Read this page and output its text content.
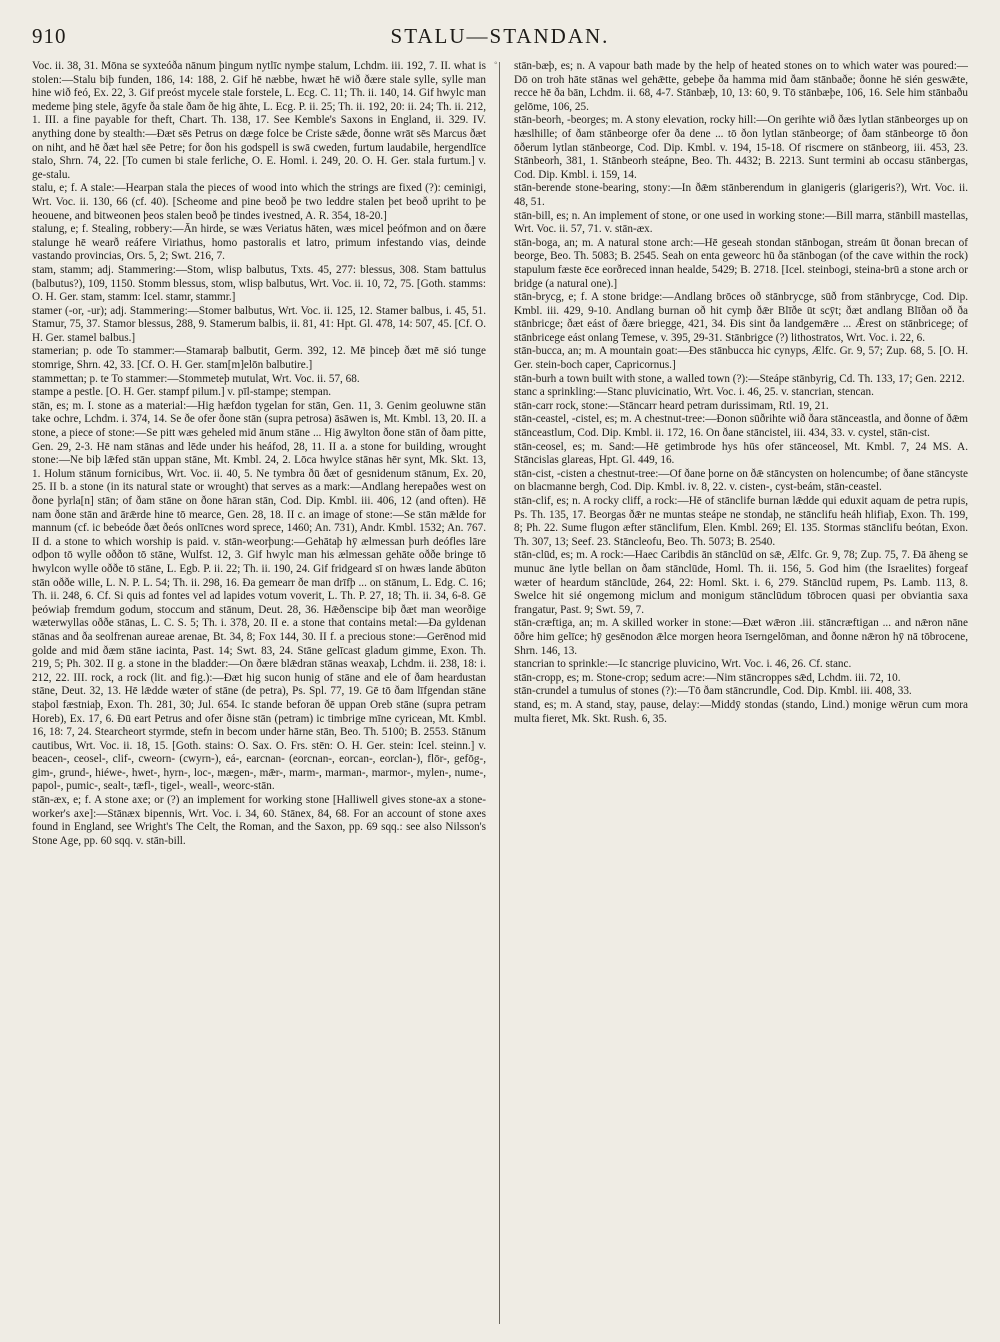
910	STALU—STANDAN.
◦

Voc. ii. 38, 31. Mōna se syxteóða nānum þingum nytlīc nymþe stalum, Lchdm. iii. 192, 7. II. what is stolen:—Stalu biþ funden, 186, 14: 188, 2. Gif hē næbbe, hwæt hē wið ðære stale sylle, sylle man hine wið feó, Ex. 22, 3. Gif preóst mycele stale forstele, L. Ecg. C. 11; Th. ii. 140, 14. Gif hwylc man medeme þing stele, āgyfe ða stale ðam ðe hig āhte, L. Ecg. P. ii. 25; Th. ii. 192, 20: ii. 24; Th. ii. 212, 1. III. a fine payable for theft, Chart. Th. 138, 17. See Kemble's Saxons in England, ii. 329. IV. anything done by stealth:—Ðæt sēs Petrus on dæge folce be Criste sǣde, ðonne wrāt sēs Marcus ðæt on niht, and hē ðæt hæl sēe Petre; for ðon his godspell is swā cweden, furtum laudabile, hergendlīce stalo, Shrn. 74, 22. [To cumen bi stale ferliche, O. E. Homl. i. 249, 20. O. H. Ger. stala furtum.] v. ge-stalu.

stalu, e; f. A stale:—Hearpan stala the pieces of wood into which the strings are fixed (?): ceminigi, Wrt. Voc. ii. 130, 66 (cf. 40). [Scheome and pine beoð þe two leddre stalen þet beoð upriht to þe heouene, and bitweonen þeos stalen beoð þe tindes ivestned, A. R. 354, 18-20.]

stalung, e; f. Stealing, robbery:—Ān hirde, se wæs Veriatus hāten, wæs micel þeófmon and on ðære stalunge hē wearð reáfere Viriathus, homo pastoralis et latro, primum infestando vias, deinde vastando provincias, Ors. 5, 2; Swt. 216, 7.

stam, stamm; adj. Stammering:—Stom, wlisp balbutus, Txts. 45, 277: blessus, 308. Stam battulus (balbutus?), 109, 1150. Stomm blessus, stom, wlisp balbutus, Wrt. Voc. ii. 10, 72, 75. [Goth. stamms: O. H. Ger. stam, stamm: Icel. stamr, stammr.]

stamer (-or, -ur); adj. Stammering:—Stomer balbutus, Wrt. Voc. ii. 125, 12. Stamer balbus, i. 45, 51. Stamur, 75, 37. Stamor blessus, 288, 9. Stamerum balbis, ii. 81, 41: Hpt. Gl. 478, 14: 507, 45. [Cf. O. H. Ger. stamel balbus.]

stamerian; p. ode To stammer:—Stamaraþ balbutit, Germ. 392, 12. Mē þinceþ ðæt mē sió tunge stomrige, Shrn. 42, 33. [Cf. O. H. Ger. stam[m]elōn balbutire.]

stammettan; p. te To stammer:—Stommeteþ mutulat, Wrt. Voc. ii. 57, 68.

stampe a pestle. [O. H. Ger. stampf pilum.] v. pīl-stampe; stempan.

stān, es; m. I. stone as a material:—Hig hæfdon tygelan for stān, Gen. 11, 3. Genim geoluwne stān take ochre, Lchdm. i. 374, 14. Se ðe ofer ðone stān (supra petrosa) āsāwen is, Mt. Kmbl. 13, 20. II. a stone, a piece of stone:—Se pitt wæs geheled mid ānum stāne ... Hig āwylton ðone stān of ðam pitte, Gen. 29, 2-3. Hē nam stānas and lēde under his heáfod, 28, 11. II a. a stone for building, wrought stone:—Ne biþ lǣfed stān uppan stāne, Mt. Kmbl. 24, 2. Lōca hwylce stānas hēr synt, Mk. Skt. 13, 1. Holum stānum fornicibus, Wrt. Voc. ii. 40, 5. Ne tymbra ðū ðæt of gesnidenum stānum, Ex. 20, 25. II b. a stone (in its natural state or wrought) that serves as a mark:—Andlang herepaðes west on ðone þyrla[n] stān; of ðam stāne on ðone hāran stān, Cod. Dip. Kmbl. iii. 406, 12 (and often). Hē nam ðone stān and ārǣrde hine tō mearce, Gen. 28, 18. II c. an image of stone:—Se stān mǣlde for mannum (cf. ic bebeóde ðæt ðeós onlīcnes word sprece, 1460; An. 731), Andr. Kmbl. 1532; An. 767. II d. a stone to which worship is paid. v. stān-weorþung:—Gehātaþ hȳ ælmessan þurh deófles lāre odþon tō wylle oððon tō stāne, Wulfst. 12, 3. Gif hwylc man his ælmessan gehāte oððe bringe tō hwylcon wylle oððe tō stāne, L. Egb. P. ii. 22; Th. ii. 190, 24. Gif fridgeard sī on hwæs lande ābūton stān oððe wille, L. N. P. L. 54; Th. ii. 298, 16. Ða gemearr ðe man drīfþ ... on stānum, L. Edg. C. 16; Th. ii. 248, 6. Cf. Si quis ad fontes vel ad lapides votum voverit, L. Th. P. 27, 18; Th. ii. 34, 6-8. Gē þeówiaþ fremdum godum, stoccum and stānum, Deut. 28, 36. Hǣðenscipe biþ ðæt man weorðige wæterwyllas oððe stānas, L. C. S. 5; Th. i. 378, 20. II e. a stone that contains metal:—Ða gyldenan stānas and ða seolfrenan aureae arenae, Bt. 34, 8; Fox 144, 30. II f. a precious stone:—Gerēnod mid golde and mid ðæm stāne iacinta, Past. 14; Swt. 83, 24. Stāne gelīcast gladum gimme, Exon. Th. 219, 5; Ph. 302. II g. a stone in the bladder:—On ðære blǣdran stānas weaxaþ, Lchdm. ii. 238, 18: i. 212, 22. III. rock, a rock (lit. and fig.):—Ðæt hig sucon hunig of stāne and ele of ðam heardustan stāne, Deut. 32, 13. Hē lǣdde wæter of stāne (de petra), Ps. Spl. 77, 19. Gē tō ðam līfgendan stāne staþol fæstniaþ, Exon. Th. 281, 30; Jul. 654. Ic stande beforan ðē uppan Oreb stāne (supra petram Horeb), Ex. 17, 6. Ðū eart Petrus and ofer ðisne stān (petram) ic timbrige mīne cyricean, Mt. Kmbl. 16, 18: 7, 24. Stearcheort styrmde, stefn in becom under hārne stān, Beo. Th. 5100; B. 2553. Stānum cautibus, Wrt. Voc. ii. 18, 15. [Goth. stains: O. Sax. O. Frs. stēn: O. H. Ger. stein: Icel. steinn.] v. beacen-, ceosel-, clif-, cweorn- (cwyrn-), eá-, earcnan- (eorcnan-, eorcan-, eorclan-), flōr-, gefōg-, gim-, grund-, hiéwe-, hwet-, hyrn-, loc-, mægen-, mǣr-, marm-, marman-, marmor-, mylen-, nume-, papol-, pumic-, sealt-, tæfl-, tigel-, weall-, weorc-stān.

stān-æx, e; f. A stone axe; or (?) an implement for working stone [Halliwell gives stone-ax a stone-worker's axe]:—Stānæx bipennis, Wrt. Voc. i. 34, 60. Stānex, 84, 68. For an account of stone axes found in England, see Wright's The Celt, the Roman, and the Saxon, pp. 69 sqq.: see also Nilsson's Stone Age, pp. 60 sqq. v. stān-bill.

stān-bæþ, es; n. A vapour bath made by the help of heated stones on to which water was poured:—Dō on troh hāte stānas wel gehǣtte, gebeþe ða hamma mid ðam stānbaðe; ðonne hē sién geswǣte, recce hē ða bān, Lchdm. ii. 68, 4-7. Stānbæþ, 10, 13: 60, 9. Tō stānbæþe, 106, 16. Sele him stānbaðu gelōme, 106, 25.

stān-beorh, -beorges; m. A stony elevation, rocky hill:—On gerihte wið ðæs lytlan stānbeorges up on hæslhille; of ðam stānbeorge ofer ða dene ... tō ðon lytlan stānbeorge; of ðam stānbeorge tō ðon ōðerum lytlan stānbeorge, Cod. Dip. Kmbl. v. 194, 15-18. Of riscmere on stānbeorg, iii. 453, 23. Stānbeorh, 381, 1. Stānbeorh steápne, Beo. Th. 4432; B. 2213. Sunt termini ab occasu stānbergas, Cod. Dip. Kmbl. i. 159, 14.

stān-berende stone-bearing, stony:—In ðǣm stānberendum in glanigeris (glarigeris?), Wrt. Voc. ii. 48, 51.

stān-bill, es; n. An implement of stone, or one used in working stone:—Bill marra, stānbill mastellas, Wrt. Voc. ii. 57, 71. v. stān-æx.

stān-boga, an; m. A natural stone arch:—Hē geseah stondan stānbogan, streám ūt ðonan brecan of beorge, Beo. Th. 5083; B. 2545. Seah on enta geweorc hū ða stānbogan (of the cave within the rock) stapulum fæste ēce eorðreced innan healde, 5429; B. 2718. [Icel. steinbogi, steina-brū a stone arch or bridge (a natural one).]

stān-brycg, e; f. A stone bridge:—Andlang brōces oð stānbrycge, sūð from stānbrycge, Cod. Dip. Kmbl. iii. 429, 9-10. Andlang burnan oð hit cymþ ðǣr Blīðe ūt scȳt; ðæt andlang Blīðan oð ða stānbricge; ðæt eást of ðære briegge, 421, 34. Ðis sint ða landgemǣre ... Ǣrest on stānbricege; of stānbricege eást onlang Temese, v. 395, 29-31. Stānbrigce (?) lithostratos, Wrt. Voc. i. 22, 6.

stān-bucca, an; m. A mountain goat:—Ðes stānbucca hic cynyps, Ælfc. Gr. 9, 57; Zup. 68, 5. [O. H. Ger. stein-boch caper, Capricornus.]

stān-burh a town built with stone, a walled town (?):—Steápe stānbyrig, Cd. Th. 133, 17; Gen. 2212.

stanc a sprinkling:—Stanc pluvicinatio, Wrt. Voc. i. 46, 25. v. stancrian, stencan.

stān-carr rock, stone:—Stāncarr heard petram durissimam, Rtl. 19, 21.

stān-ceastel, -cistel, es; m. A chestnut-tree:—Ðonon sūðrihte wið ðara stānceastla, and ðonne of ðǣm stānceastlum, Cod. Dip. Kmbl. ii. 172, 16. On ðane stāncistel, iii. 434, 33. v. cystel, stān-cist.

stān-ceosel, es; m. Sand:—Hē getimbrode hys hūs ofer stānceosel, Mt. Kmbl. 7, 24 MS. A. Stāncislas glareas, Hpt. Gl. 449, 16.

stān-cist, -cisten a chestnut-tree:—Of ðane þorne on ðǣ stāncysten on holencumbe; of ðane stāncyste on blacmanne bergh, Cod. Dip. Kmbl. iv. 8, 22. v. cisten-, cyst-beám, stān-ceastel.

stān-clif, es; n. A rocky cliff, a rock:—Hē of stānclife burnan lǣdde qui eduxit aquam de petra rupis, Ps. Th. 135, 17. Beorgas ðǣr ne muntas steápe ne stondaþ, ne stānclifu heáh hlifiaþ, Exon. Th. 199, 8; Ph. 22. Sume flugon æfter stānclifum, Elen. Kmbl. 269; El. 135. Stormas stānclifu beótan, Exon. Th. 307, 13; Seef. 23. Stāncleofu, Beo. Th. 5073; B. 2540.

stān-clūd, es; m. A rock:—Haec Caribdis ān stānclūd on sǣ, Ælfc. Gr. 9, 78; Zup. 75, 7. Ðā āheng se munuc āne lytle bellan on ðam stānclūde, Homl. Th. ii. 156, 5. God him (the Israelites) forgeaf wæter of heardum stānclūde, 264, 22: Homl. Skt. i. 6, 279. Stānclūd rupem, Ps. Lamb. 113, 8. Swelce hit sié ongemong miclum and monigum stānclūdum tōbrocen quasi per obviantia saxa frangatur, Past. 9; Swt. 59, 7.

stān-cræftiga, an; m. A skilled worker in stone:—Ðæt wǣron .iii. stāncræftigan ... and nǣron nāne ōðre him gelīce; hȳ gesēnodon ǣlce morgen heora īserngelōman, and ðonne nǣron hȳ nā tōbrocene, Shrn. 146, 13.

stancrian to sprinkle:—Ic stancrige pluvicino, Wrt. Voc. i. 46, 26. Cf. stanc.

stān-cropp, es; m. Stone-crop; sedum acre:—Nim stāncroppes sǣd, Lchdm. iii. 72, 10.

stān-crundel a tumulus of stones (?):—Tō ðam stāncrundle, Cod. Dip. Kmbl. iii. 408, 33.

stand, es; m. A stand, stay, pause, delay:—Middȳ stondas (stando, Lind.) monige wērun cum mora multa fieret, Mk. Skt. Rush. 6, 35.
